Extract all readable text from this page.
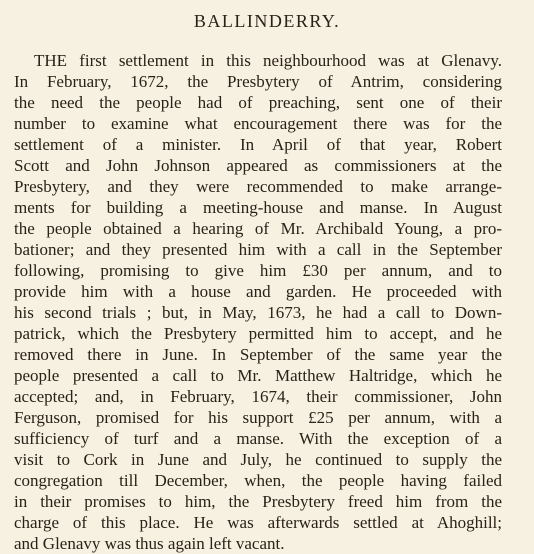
BALLINDERRY.
THE first settlement in this neighbourhood was at Glenavy.
In February, 1672, the Presbytery of Antrim, considering
the need the people had of preaching, sent one of their
number to examine what encouragement there was for the
settlement of a minister. In April of that year, Robert
Scott and John Johnson appeared as commissioners at the
Presbytery, and they were recommended to make arrange-
ments for building a meeting-house and manse. In August
the people obtained a hearing of Mr. Archibald Young, a pro-
bationer; and they presented him with a call in the September
following, promising to give him £30 per annum, and to
provide him with a house and garden. He proceeded with
his second trials ; but, in May, 1673, he had a call to Down-
patrick, which the Presbytery permitted him to accept, and he
removed there in June. In September of the same year the
people presented a call to Mr. Matthew Haltridge, which he
accepted; and, in February, 1674, their commissioner, John
Ferguson, promised for his support £25 per annum, with a
sufficiency of turf and a manse. With the exception of a
visit to Cork in June and July, he continued to supply the
congregation till December, when, the people having failed
in their promises to him, the Presbytery freed him from the
charge of this place. He was afterwards settled at Ahoghill;
and Glenavy was thus again left vacant.
